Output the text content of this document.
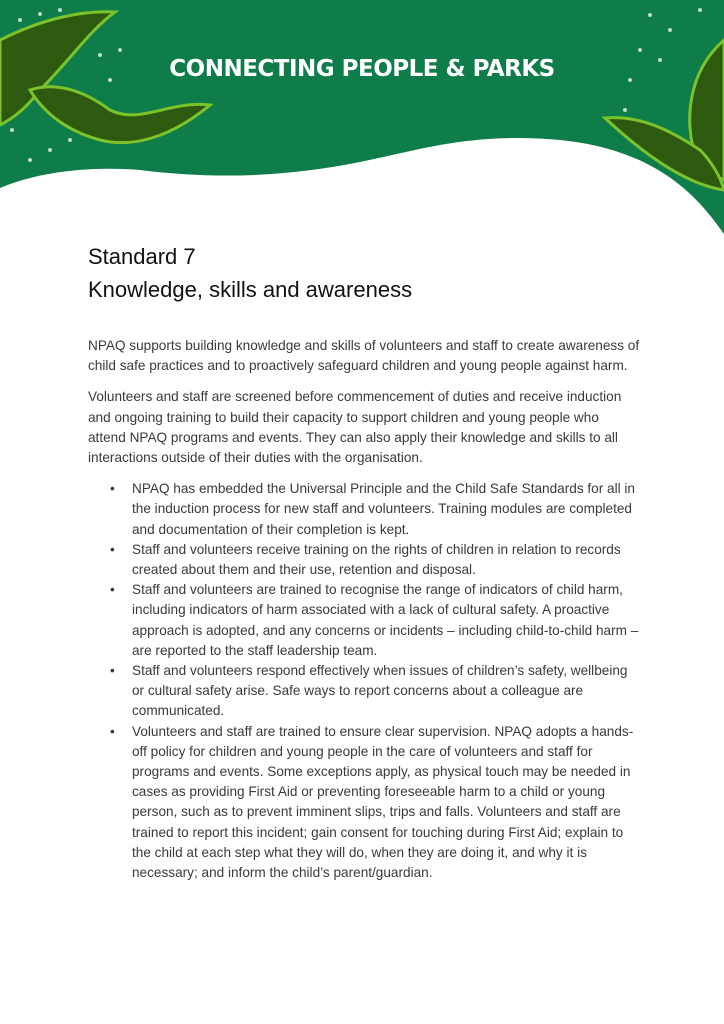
CONNECTING PEOPLE & PARKS
Standard 7
Knowledge, skills and awareness

NPAQ supports building knowledge and skills of volunteers and staff to create awareness of child safe practices and to proactively safeguard children and young people against harm.

Volunteers and staff are screened before commencement of duties and receive induction and ongoing training to build their capacity to support children and young people who attend NPAQ programs and events. They can also apply their knowledge and skills to all interactions outside of their duties with the organisation.

• NPAQ has embedded the Universal Principle and the Child Safe Standards for all in the induction process for new staff and volunteers. Training modules are completed and documentation of their completion is kept.
• Staff and volunteers receive training on the rights of children in relation to records created about them and their use, retention and disposal.
• Staff and volunteers are trained to recognise the range of indicators of child harm, including indicators of harm associated with a lack of cultural safety. A proactive approach is adopted, and any concerns or incidents – including child-to-child harm – are reported to the staff leadership team.
• Staff and volunteers respond effectively when issues of children’s safety, wellbeing or cultural safety arise. Safe ways to report concerns about a colleague are communicated.
• Volunteers and staff are trained to ensure clear supervision. NPAQ adopts a hands-off policy for children and young people in the care of volunteers and staff for programs and events. Some exceptions apply, as physical touch may be needed in cases as providing First Aid or preventing foreseeable harm to a child or young person, such as to prevent imminent slips, trips and falls. Volunteers and staff are trained to report this incident; gain consent for touching during First Aid; explain to the child at each step what they will do, when they are doing it, and why it is necessary; and inform the child’s parent/guardian.
